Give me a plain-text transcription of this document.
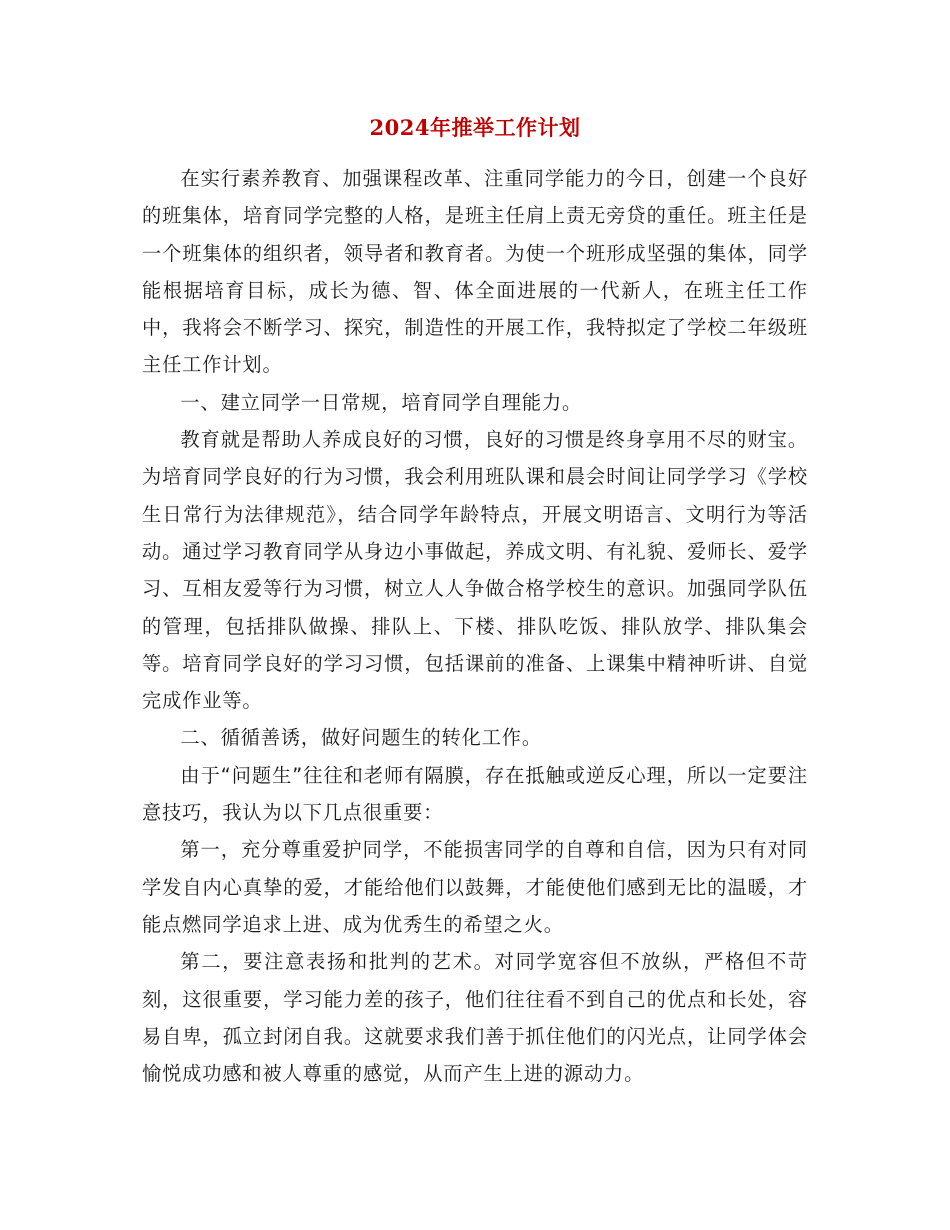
2024年推举工作计划

在实行素养教育、加强课程改革、注重同学能力的今日，创建一个良好的班集体，培育同学完整的人格，是班主任肩上责无旁贷的重任。班主任是一个班集体的组织者，领导者和教育者。为使一个班形成坚强的集体，同学能根据培育目标，成长为德、智、体全面进展的一代新人，在班主任工作中，我将会不断学习、探究，制造性的开展工作，我特拟定了学校二年级班主任工作计划。

一、建立同学一日常规，培育同学自理能力。

教育就是帮助人养成良好的习惯，良好的习惯是终身享用不尽的财宝。为培育同学良好的行为习惯，我会利用班队课和晨会时间让同学学习《学校生日常行为法律规范》，结合同学年龄特点，开展文明语言、文明行为等活动。通过学习教育同学从身边小事做起，养成文明、有礼貌、爱师长、爱学习、互相友爱等行为习惯，树立人人争做合格学校生的意识。加强同学队伍的管理，包括排队做操、排队上、下楼、排队吃饭、排队放学、排队集会等。培育同学良好的学习习惯，包括课前的准备、上课集中精神听讲、自觉完成作业等。

二、循循善诱，做好问题生的转化工作。

由于“问题生”往往和老师有隔膜，存在抵触或逆反心理，所以一定要注意技巧，我认为以下几点很重要：

第一，充分尊重爱护同学，不能损害同学的自尊和自信，因为只有对同学发自内心真挚的爱，才能给他们以鼓舞，才能使他们感到无比的温暖，才能点燃同学追求上进、成为优秀生的希望之火。

第二，要注意表扬和批判的艺术。对同学宽容但不放纵，严格但不苛刻，这很重要，学习能力差的孩子，他们往往看不到自己的优点和长处，容易自卑，孤立封闭自我。这就要求我们善于抓住他们的闪光点，让同学体会愉悦成功感和被人尊重的感觉，从而产生上进的源动力。
